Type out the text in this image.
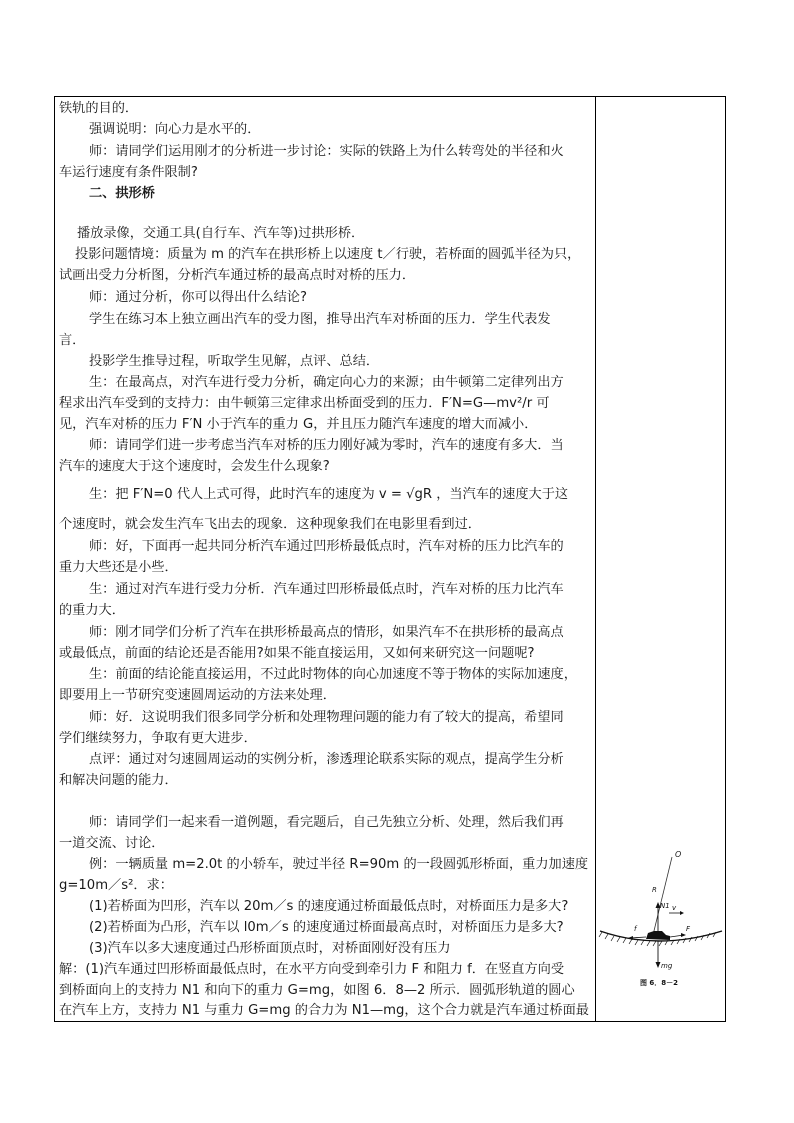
铁轨的目的．
强调说明：向心力是水平的．
师：请同学们运用刚才的分析进一步讨论：实际的铁路上为什么转弯处的半径和火
车运行速度有条件限制?
二、拱形桥
播放录像，交通工具(自行车、汽车等)过拱形桥．
投影问题情境：质量为 m 的汽车在拱形桥上以速度 t／行驶，若桥面的圆弧半径为只，
试画出受力分析图，分析汽车通过桥的最高点时对桥的压力．
师：通过分析，你可以得出什么结论?
学生在练习本上独立画出汽车的受力图，推导出汽车对桥面的压力．学生代表发
言．
投影学生推导过程，听取学生见解，点评、总结．
生：在最高点，对汽车进行受力分析，确定向心力的来源；由牛顿第二定律列出方
程求出汽车受到的支持力：由牛顿第三定律求出桥面受到的压力．F′N=G—mv²/r 可
见，汽车对桥的压力 F′N 小于汽车的重力 G，并且压力随汽车速度的增大而减小．
师：请同学们进一步考虑当汽车对桥的压力刚好减为零时，汽车的速度有多大．当
汽车的速度大于这个速度时，会发生什么现象?
生：把 F′N=0 代人上式可得，此时汽车的速度为 v = √gR ，当汽车的速度大于这
个速度时，就会发生汽车飞出去的现象．这种现象我们在电影里看到过．
师：好，下面再一起共同分析汽车通过凹形桥最低点时，汽车对桥的压力比汽车的
重力大些还是小些．
生：通过对汽车进行受力分析．汽车通过凹形桥最低点时，汽车对桥的压力比汽车
的重力大．
师：刚才同学们分析了汽车在拱形桥最高点的情形，如果汽车不在拱形桥的最高点
或最低点，前面的结论还是否能用?如果不能直接运用，又如何来研究这一问题呢?
生：前面的结论能直接运用，不过此时物体的向心加速度不等于物体的实际加速度，
即要用上一节研究变速圆周运动的方法来处理．
师：好．这说明我们很多同学分析和处理物理问题的能力有了较大的提高，希望同
学们继续努力，争取有更大进步．
点评：通过对匀速圆周运动的实例分析，渗透理论联系实际的观点，提高学生分析
和解决问题的能力．
师：请同学们一起来看一道例题，看完题后，自己先独立分析、处理，然后我们再
一道交流、讨论．
例：一辆质量 m=2.0t 的小轿车，驶过半径 R=90m 的一段圆弧形桥面，重力加速度
g=10m／s²．求：
(1)若桥面为凹形，汽车以 20m／s 的速度通过桥面最低点时，对桥面压力是多大?
(2)若桥面为凸形，汽车以 l0m／s 的速度通过桥面最高点时，对桥面压力是多大?
(3)汽车以多大速度通过凸形桥面顶点时，对桥面刚好没有压力
解：(1)汽车通过凹形桥面最低点时，在水平方向受到牵引力 F 和阻力 f．在竖直方向受
到桥面向上的支持力 N1 和向下的重力 G=mg，如图 6．8—2 所示．圆弧形轨道的圆心
在汽车上方，支持力 N1 与重力 G=mg 的合力为 N1—mg，这个合力就是汽车通过桥面最
O
R
N1 v
f	F
mg
图 6．8－2
